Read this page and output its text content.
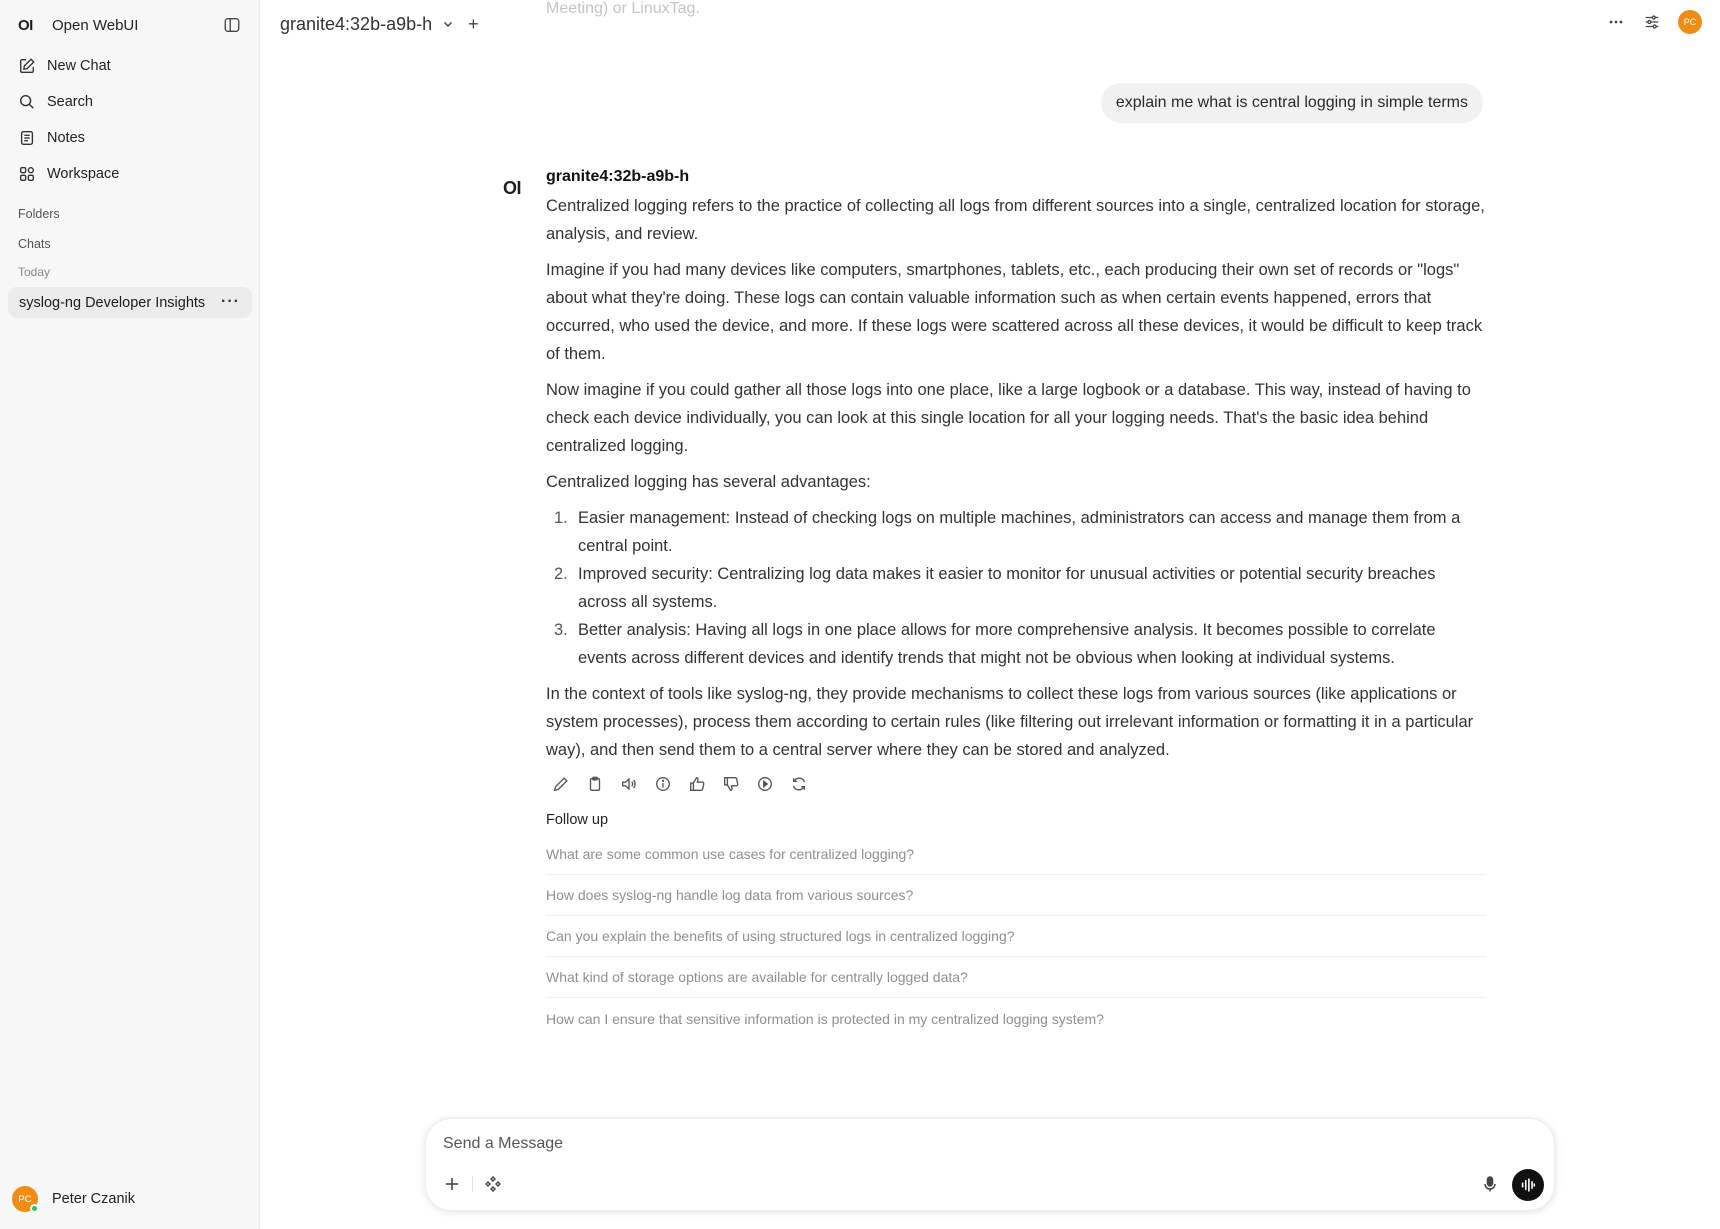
OI	Open WebUI
New Chat
Search
Notes
Workspace
Folders
Chats
Today
syslog-ng Developer Insights ···
PC Peter Czanik
Meeting) or LinuxTag.
granite4:32b-a9b-h +	PC
explain me what is central logging in simple terms
OI
granite4:32b-a9b-h

Centralized logging refers to the practice of collecting all logs from different sources into a single, centralized location for storage, analysis, and review.

Imagine if you had many devices like computers, smartphones, tablets, etc., each producing their own set of records or "logs" about what they're doing. These logs can contain valuable information such as when certain events happened, errors that occurred, who used the device, and more. If these logs were scattered across all these devices, it would be difficult to keep track of them.

Now imagine if you could gather all those logs into one place, like a large logbook or a database. This way, instead of having to check each device individually, you can look at this single location for all your logging needs. That's the basic idea behind centralized logging.

Centralized logging has several advantages:

1. Easier management: Instead of checking logs on multiple machines, administrators can access and manage them from a central point.
2. Improved security: Centralizing log data makes it easier to monitor for unusual activities or potential security breaches across all systems.
3. Better analysis: Having all logs in one place allows for more comprehensive analysis. It becomes possible to correlate events across different devices and identify trends that might not be obvious when looking at individual systems.

In the context of tools like syslog-ng, they provide mechanisms to collect these logs from various sources (like applications or system processes), process them according to certain rules (like filtering out irrelevant information or formatting it in a particular way), and then send them to a central server where they can be stored and analyzed.

Follow up
What are some common use cases for centralized logging?
How does syslog-ng handle log data from various sources?
Can you explain the benefits of using structured logs in centralized logging?
What kind of storage options are available for centrally logged data?
How can I ensure that sensitive information is protected in my centralized logging system?
Send a Message
